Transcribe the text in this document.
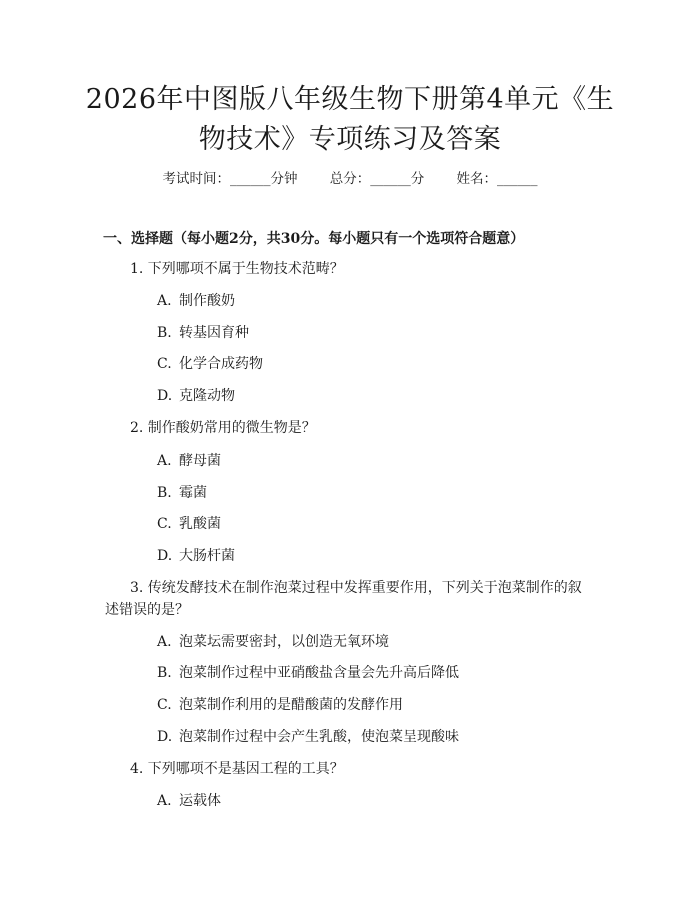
2026年中图版八年级生物下册第4单元《生物技术》专项练习及答案
考试时间：______分钟 总分：______分 姓名：______
一、选择题（每小题2分，共30分。每小题只有一个选项符合题意）
1. 下列哪项不属于生物技术范畴？
A. 制作酸奶
B. 转基因育种
C. 化学合成药物
D. 克隆动物
2. 制作酸奶常用的微生物是？
A. 酵母菌
B. 霉菌
C. 乳酸菌
D. 大肠杆菌
3. 传统发酵技术在制作泡菜过程中发挥重要作用，下列关于泡菜制作的叙述错误的是？
A. 泡菜坛需要密封，以创造无氧环境
B. 泡菜制作过程中亚硝酸盐含量会先升高后降低
C. 泡菜制作利用的是醋酸菌的发酵作用
D. 泡菜制作过程中会产生乳酸，使泡菜呈现酸味
4. 下列哪项不是基因工程的工具？
A. 运载体
